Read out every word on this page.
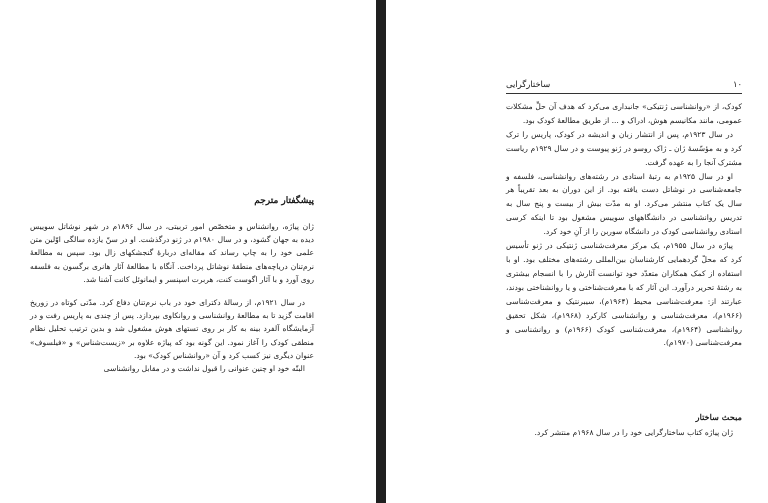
پیشگفتار مترجم

ژان پیاژه، روانشناس و متخصّص امور تربیتی، در سال ۱۸۹۶م در شهر نوشاتل سوییس دیده به جهان گشود، و در سال ۱۹۸۰م در ژنو درگذشت. او در سنّ یازده سالگی اوّلین متن علمی خود را به چاپ رساند که مقاله‌ای دربارهٔ گنجشکهای زال بود. سپس به مطالعهٔ نرم‌تنان دریاچه‌های منطقهٔ نوشاتل پرداخت. آنگاه با مطالعهٔ آثار هانری برگسون به فلسفه روی آورد و با آثار اگوست کنت، هربرت اسپنسر و ایمانوئل کانت آشنا شد.

در سال ۱۹۲۱م، از رسالهٔ دکترای خود در باب نرم‌تنان دفاع کرد. مدّتی کوتاه در زوریخ اقامت گزید تا به مطالعهٔ روانشناسی و روانکاوی بپردازد. پس از چندی به پاریس رفت و در آزمایشگاه آلفرد بینه به کار بر روی تستهای هوش مشغول شد و بدین ترتیب تحلیل نظام منطقی کودک را آغاز نمود. این گونه بود که پیاژه علاوه بر «زیست‌شناس» و «فیلسوف» عنوان دیگری نیز کسب کرد و آن «روانشناس کودک» بود.

البتّه خود او چنین عنوانی را قبول نداشت و در مقابل روانشناسی

۱۰
ساختارگرایی

کودک، از «روانشناسی ژنتیکی» جانبداری می‌کرد که هدف آن حلِّ مشکلات عمومی، مانند مکانیسم هوش، ادراک و ... از طریق مطالعهٔ کودک بود.

در سال ۱۹۲۳م، پس از انتشار زبان و اندیشه در کودک، پاریس را ترک کرد و به مؤسّسهٔ ژان ـ ژاک روسو در ژنو پیوست و در سال ۱۹۲۹م ریاست مشترک آنجا را به عهده گرفت.

او در سال ۱۹۲۵م به رتبهٔ استادی در رشته‌های روانشناسی، فلسفه و جامعه‌شناسی در نوشاتل دست یافته بود. از این دوران به بعد تقریباً هر سال یک کتاب منتشر می‌کرد. او به مدّت بیش از بیست و پنج سال به تدریس روانشناسی در دانشگاههای سوییس مشغول بود تا اینکه کرسی استادی روانشناسی کودک در دانشگاه سوربن را از آنِ خود کرد.

پیاژه در سال ۱۹۵۵م، یک مرکز معرفت‌شناسی ژنتیکی در ژنو تأسیس کرد که محلّ گردهمایی کارشناسان بین‌المللی رشته‌های مختلف بود. او با استفاده از کمک همکاران متعدّد خود توانست آثارش را با انسجام بیشتری به رشتهٔ تحریر درآورد. این آثار که با معرفت‌شناختی و یا روانشناختی بودند، عبارتند از: معرفت‌شناسی محیط (۱۹۶۴م)، سیبرنتیک و معرفت‌شناسی (۱۹۶۶م)، معرفت‌شناسی و روانشناسی کارکرد (۱۹۶۸م)، شکل تحقیق روانشناسی (۱۹۶۴م)، معرفت‌شناسی کودک (۱۹۶۶م) و روانشناسی و معرفت‌شناسی (۱۹۷۰م).

مبحث ساختار

ژان پیاژه کتاب ساختارگرایی خود را در سال ۱۹۶۸م منتشر کرد.
